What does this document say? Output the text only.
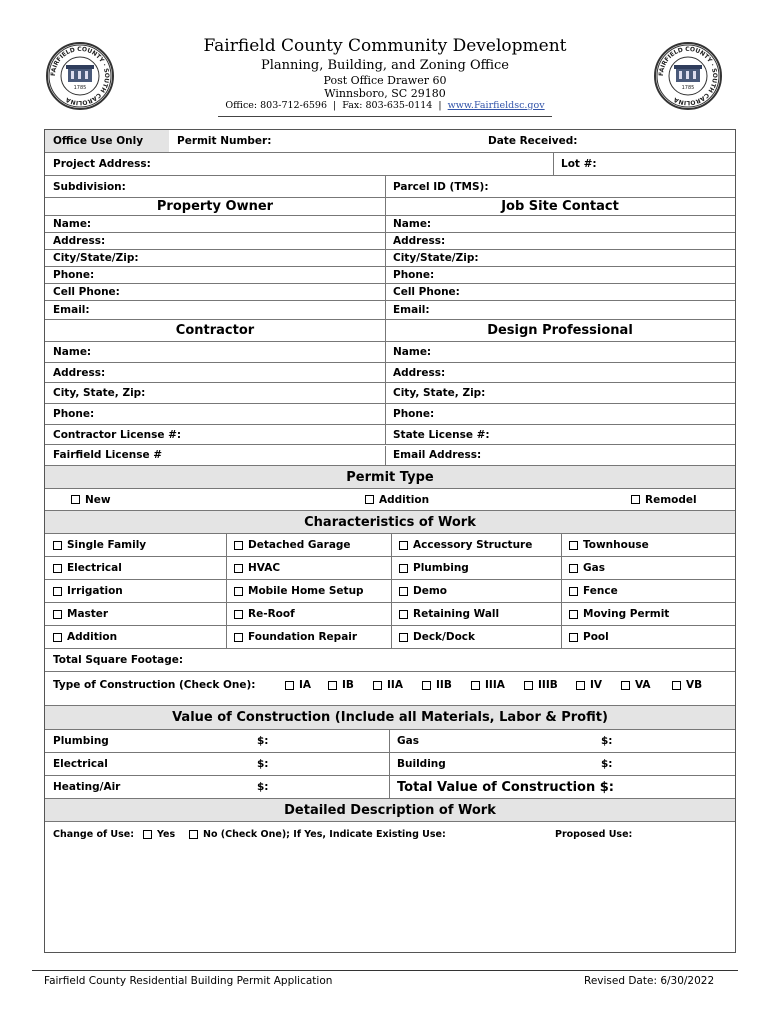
FAIRFIELD COUNTY · SOUTH CAROLINA
1785
Fairfield County Community Development
Planning, Building, and Zoning Office
Post Office Drawer 60
Winnsboro, SC 29180
Office: 803-712-6596 | Fax: 803-635-0114 | www.Fairfieldsc.gov
FAIRFIELD COUNTY · SOUTH CAROLINA
1785
Office Use Only	Permit Number:	Date Received:
Project Address:	Lot #:
Subdivision:	Parcel ID (TMS):
Property Owner	Job Site Contact
Name:	Name:
Address:	Address:
City/State/Zip:	City/State/Zip:
Phone:	Phone:
Cell Phone:	Cell Phone:
Email:	Email:
Contractor	Design Professional
Name:	Name:
Address:	Address:
City, State, Zip:	City, State, Zip:
Phone:	Phone:
Contractor License #:	State License #:
Fairfield License #	Email Address:
Permit Type
New	Addition	Remodel
Characteristics of Work
Single Family	Detached Garage	Accessory Structure	Townhouse
Electrical	HVAC	Plumbing	Gas
Irrigation	Mobile Home Setup	Demo	Fence
Master	Re-Roof	Retaining Wall	Moving Permit
Addition	Foundation Repair	Deck/Dock	Pool
Total Square Footage:
Type of Construction (Check One):	IA	IB	IIA	IIB	IIIA	IIIB	IV	VA	VB
Value of Construction (Include all Materials, Labor & Profit)
Plumbing	$:	Gas	$:
Electrical	$:	Building	$:
Heating/Air	$:	Total Value of Construction $:
Detailed Description of Work
Change of Use: Yes	No (Check One); If Yes, Indicate Existing Use:	Proposed Use:
Fairfield County Residential Building Permit Application	Revised Date: 6/30/2022
